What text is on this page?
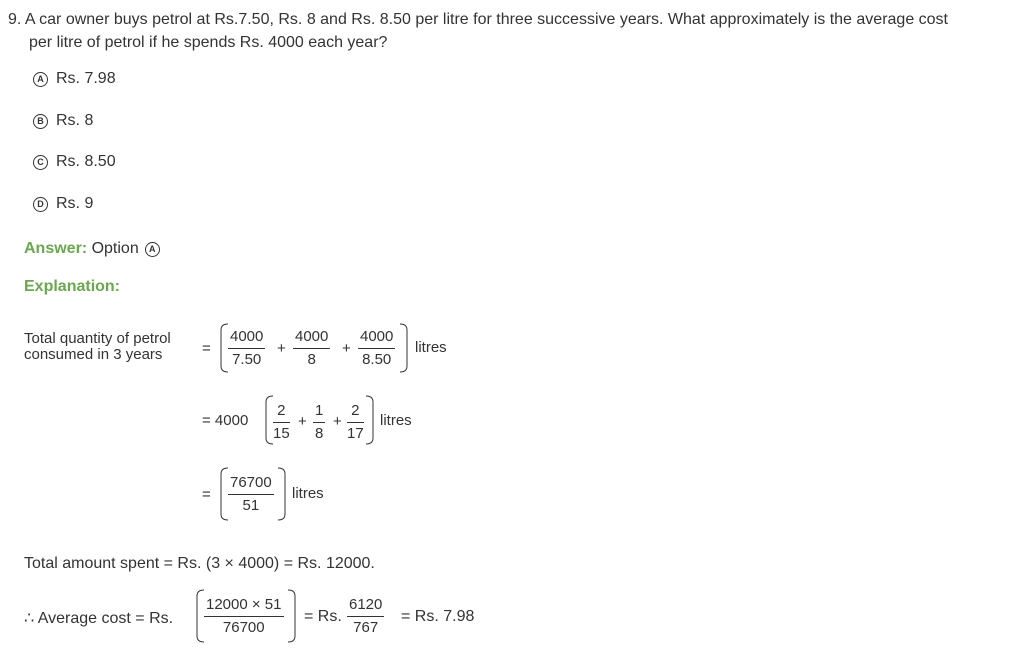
9. A car owner buys petrol at Rs.7.50, Rs. 8 and Rs. 8.50 per litre for three successive years. What approximately is the average cost
per litre of petrol if he spends Rs. 4000 each year?
A Rs. 7.98
B Rs. 8
C Rs. 8.50
D Rs. 9
Answer:
Option	A
Explanation:
Total quantity of petrol
consumed in 3 years	= $\frac{4000}{7.50} + \frac{4000}{8} + \frac{4000}{8.50}$ litres
= $4000 \frac{2}{15} + \frac{1}{8} + \frac{2}{17}$ litres
= $\frac{76700}{51}$ litres
Total amount spent = Rs. (3 × 4000) = Rs. 12000.
∴ Average cost = Rs. $\frac{12000 \times 51}{76700} = Rs$. $\frac{6120}{767} = Rs$. 7.98
